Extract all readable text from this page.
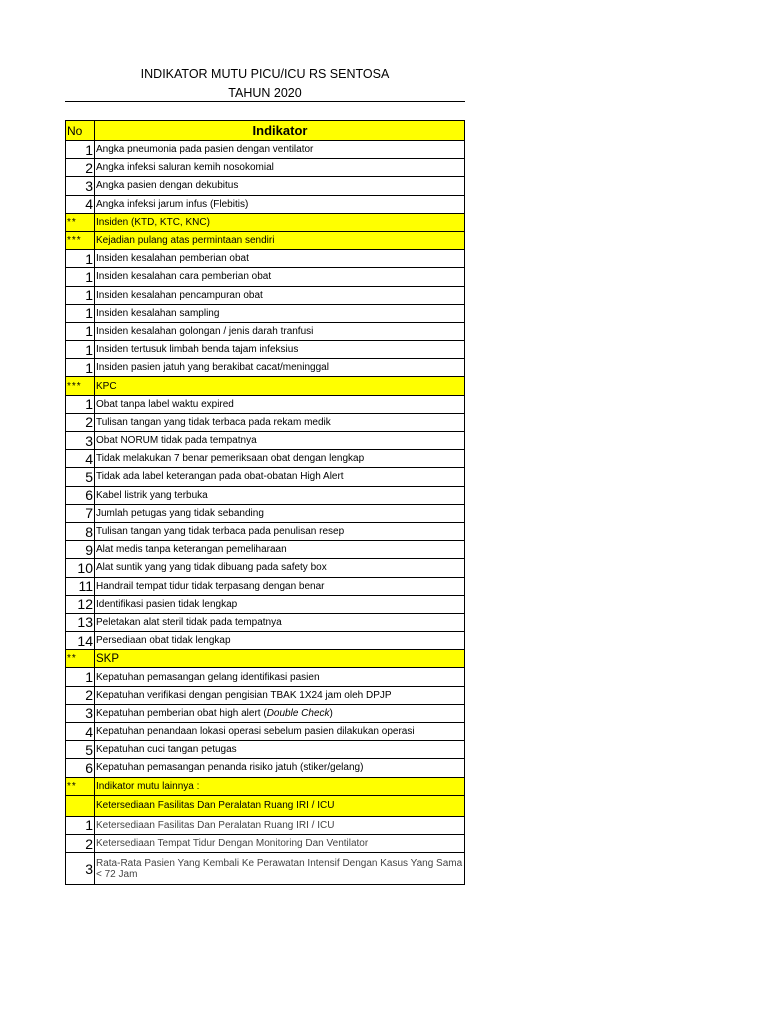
INDIKATOR MUTU PICU/ICU RS SENTOSA
TAHUN 2020
No	Indikator
1	Angka pneumonia pada pasien dengan ventilator
2	Angka infeksi saluran kemih nosokomial
3	Angka pasien dengan dekubitus
4	Angka infeksi jarum infus (Flebitis)
**	Insiden (KTD, KTC, KNC)
***	Kejadian pulang atas permintaan sendiri
1	Insiden kesalahan pemberian obat
1	Insiden kesalahan cara pemberian obat
1	Insiden kesalahan pencampuran obat
1	Insiden kesalahan sampling
1	Insiden kesalahan golongan / jenis darah tranfusi
1	Insiden tertusuk limbah benda tajam infeksius
1	Insiden pasien jatuh yang berakibat cacat/meninggal
***	KPC
1	Obat tanpa label waktu expired
2	Tulisan tangan yang tidak terbaca pada rekam medik
3	Obat NORUM tidak pada tempatnya
4	Tidak melakukan 7 benar pemeriksaan obat dengan lengkap
5	Tidak ada label keterangan pada obat-obatan High Alert
6	Kabel listrik yang terbuka
7	Jumlah petugas yang tidak sebanding
8	Tulisan tangan yang tidak terbaca pada penulisan resep
9	Alat medis tanpa keterangan pemeliharaan
10	Alat suntik yang yang tidak dibuang pada safety box
11	Handrail tempat tidur tidak terpasang dengan benar
12	Identifikasi pasien tidak lengkap
13	Peletakan alat steril tidak pada tempatnya
14	Persediaan obat tidak lengkap
**	SKP
1	Kepatuhan pemasangan gelang identifikasi pasien
2	Kepatuhan verifikasi dengan pengisian TBAK 1X24 jam oleh DPJP
3	Kepatuhan pemberian obat high alert (Double Check)
4	Kepatuhan penandaan lokasi operasi sebelum pasien dilakukan operasi
5	Kepatuhan cuci tangan petugas
6	Kepatuhan pemasangan penanda risiko jatuh (stiker/gelang)
**	Indikator mutu lainnya :
	Ketersediaan Fasilitas Dan Peralatan Ruang IRI / ICU
1	Ketersediaan Fasilitas Dan Peralatan Ruang IRI / ICU
2	Ketersediaan Tempat Tidur Dengan Monitoring Dan Ventilator
3	Rata-Rata Pasien Yang Kembali Ke Perawatan Intensif Dengan Kasus Yang Sama < 72 Jam
